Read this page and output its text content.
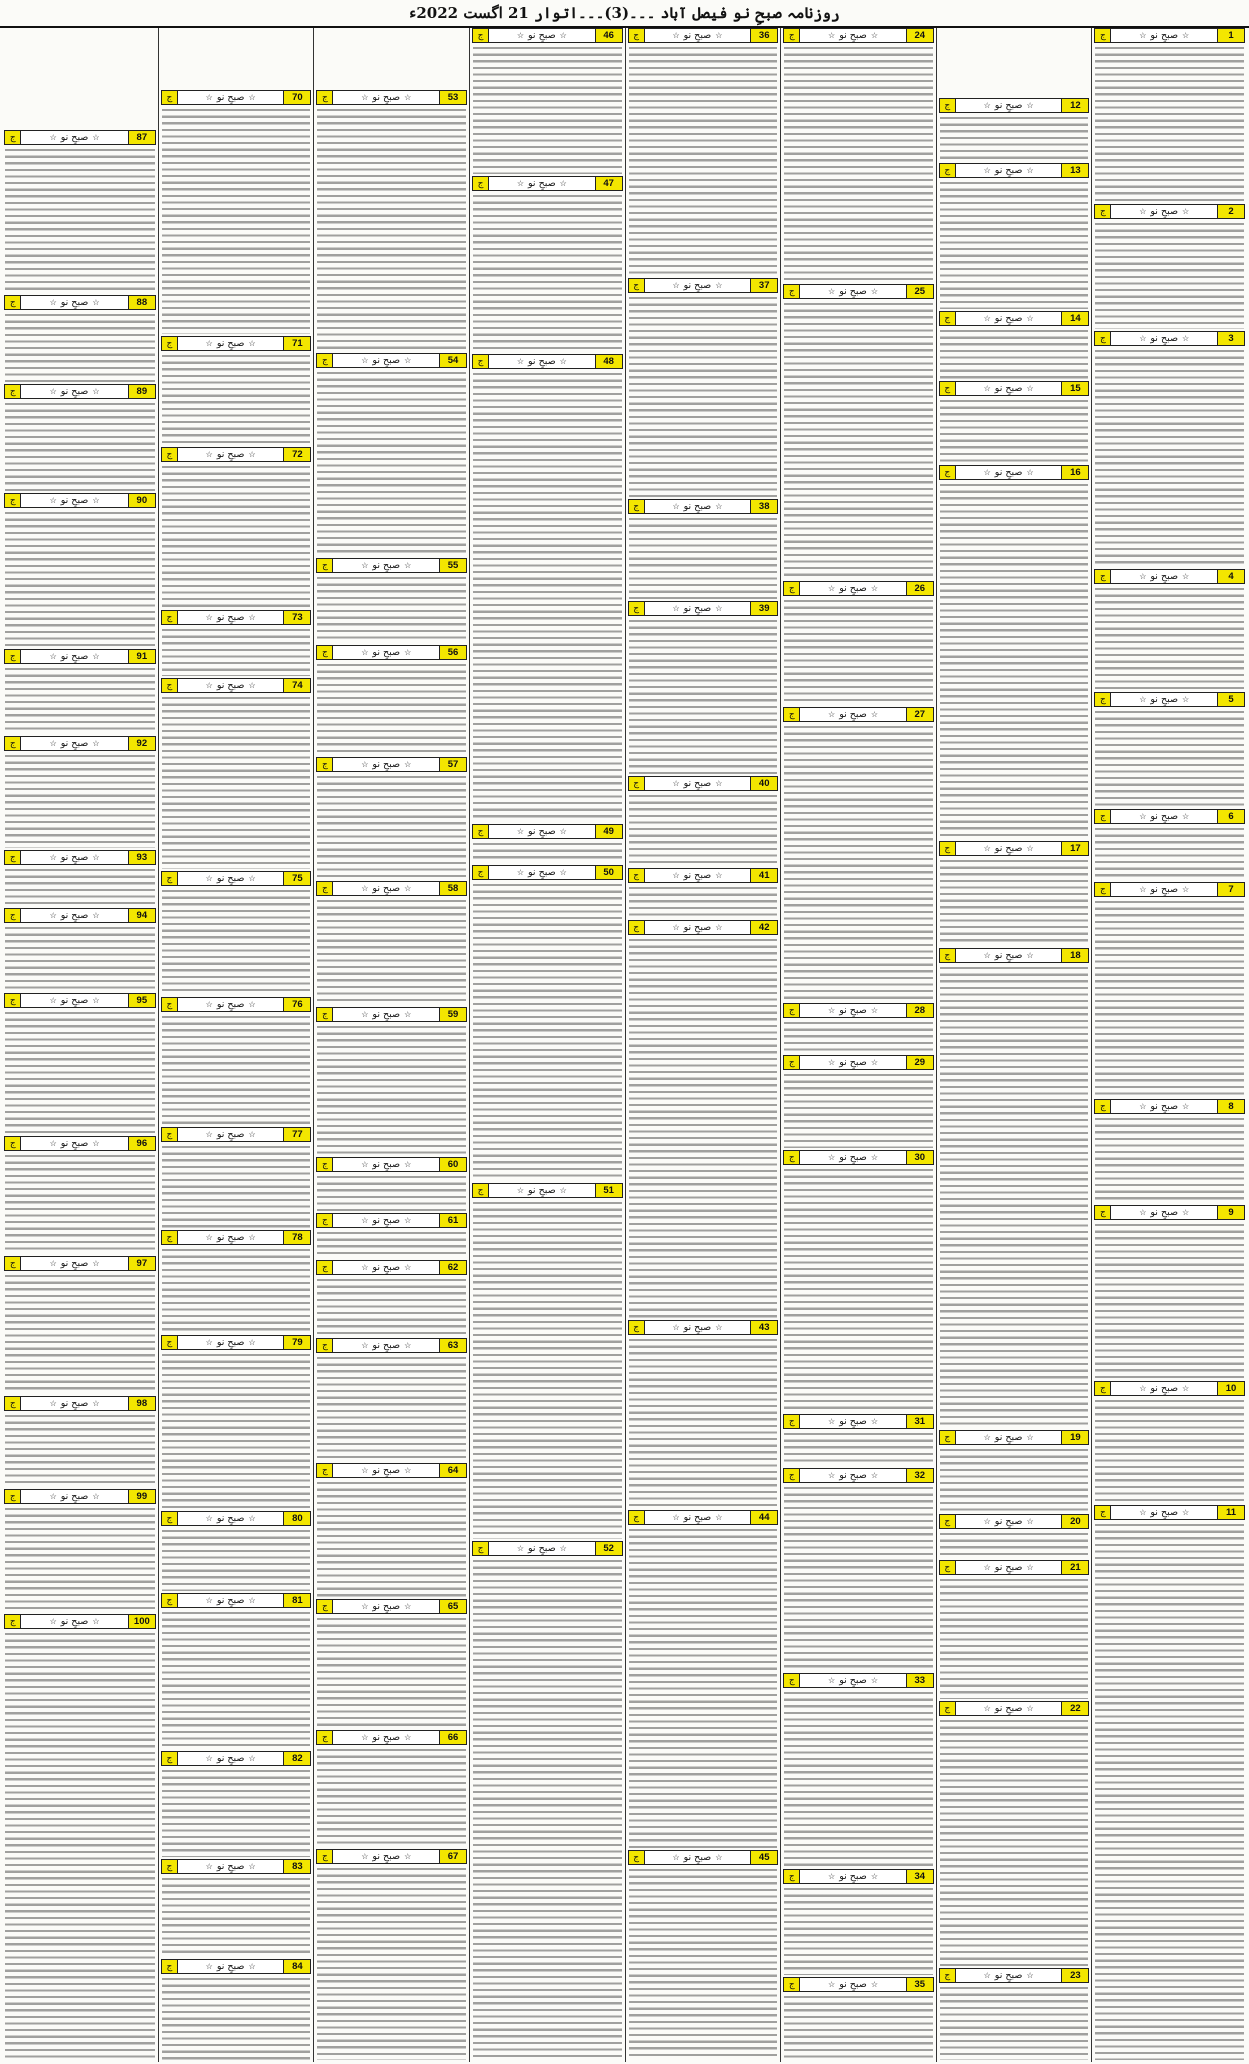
روزنامہ صبحِ نو فیصل آباد ۔۔۔(3)۔۔۔اتوار 21 اگست 2022ء
1
☆
صبحِ نو
☆
ج
2
☆
صبحِ نو
☆
ج
3
☆
صبحِ نو
☆
ج
4
☆
صبحِ نو
☆
ج
5
☆
صبحِ نو
☆
ج
6
☆
صبحِ نو
☆
ج
7
☆
صبحِ نو
☆
ج
8
☆
صبحِ نو
☆
ج
9
☆
صبحِ نو
☆
ج
10
☆
صبحِ نو
☆
ج
11
☆
صبحِ نو
☆
ج
12
☆
صبحِ نو
☆
ج
13
☆
صبحِ نو
☆
ج
14
☆
صبحِ نو
☆
ج
15
☆
صبحِ نو
☆
ج
16
☆
صبحِ نو
☆
ج
17
☆
صبحِ نو
☆
ج
18
☆
صبحِ نو
☆
ج
19
☆
صبحِ نو
☆
ج
20
☆
صبحِ نو
☆
ج
21
☆
صبحِ نو
☆
ج
22
☆
صبحِ نو
☆
ج
23
☆
صبحِ نو
☆
ج
24
☆
صبحِ نو
☆
ج
25
☆
صبحِ نو
☆
ج
26
☆
صبحِ نو
☆
ج
27
☆
صبحِ نو
☆
ج
28
☆
صبحِ نو
☆
ج
29
☆
صبحِ نو
☆
ج
30
☆
صبحِ نو
☆
ج
31
☆
صبحِ نو
☆
ج
32
☆
صبحِ نو
☆
ج
33
☆
صبحِ نو
☆
ج
34
☆
صبحِ نو
☆
ج
35
☆
صبحِ نو
☆
ج
36
☆
صبحِ نو
☆
ج
37
☆
صبحِ نو
☆
ج
38
☆
صبحِ نو
☆
ج
39
☆
صبحِ نو
☆
ج
40
☆
صبحِ نو
☆
ج
41
☆
صبحِ نو
☆
ج
42
☆
صبحِ نو
☆
ج
43
☆
صبحِ نو
☆
ج
44
☆
صبحِ نو
☆
ج
45
☆
صبحِ نو
☆
ج
46
☆
صبحِ نو
☆
ج
47
☆
صبحِ نو
☆
ج
48
☆
صبحِ نو
☆
ج
49
☆
صبحِ نو
☆
ج
50
☆
صبحِ نو
☆
ج
51
☆
صبحِ نو
☆
ج
52
☆
صبحِ نو
☆
ج
53
☆
صبحِ نو
☆
ج
54
☆
صبحِ نو
☆
ج
55
☆
صبحِ نو
☆
ج
56
☆
صبحِ نو
☆
ج
57
☆
صبحِ نو
☆
ج
58
☆
صبحِ نو
☆
ج
59
☆
صبحِ نو
☆
ج
60
☆
صبحِ نو
☆
ج
61
☆
صبحِ نو
☆
ج
62
☆
صبحِ نو
☆
ج
63
☆
صبحِ نو
☆
ج
64
☆
صبحِ نو
☆
ج
65
☆
صبحِ نو
☆
ج
66
☆
صبحِ نو
☆
ج
67
☆
صبحِ نو
☆
ج
70
☆
صبحِ نو
☆
ج
71
☆
صبحِ نو
☆
ج
72
☆
صبحِ نو
☆
ج
73
☆
صبحِ نو
☆
ج
74
☆
صبحِ نو
☆
ج
75
☆
صبحِ نو
☆
ج
76
☆
صبحِ نو
☆
ج
77
☆
صبحِ نو
☆
ج
78
☆
صبحِ نو
☆
ج
79
☆
صبحِ نو
☆
ج
80
☆
صبحِ نو
☆
ج
81
☆
صبحِ نو
☆
ج
82
☆
صبحِ نو
☆
ج
83
☆
صبحِ نو
☆
ج
84
☆
صبحِ نو
☆
ج
87
☆
صبحِ نو
☆
ج
88
☆
صبحِ نو
☆
ج
89
☆
صبحِ نو
☆
ج
90
☆
صبحِ نو
☆
ج
91
☆
صبحِ نو
☆
ج
92
☆
صبحِ نو
☆
ج
93
☆
صبحِ نو
☆
ج
94
☆
صبحِ نو
☆
ج
95
☆
صبحِ نو
☆
ج
96
☆
صبحِ نو
☆
ج
97
☆
صبحِ نو
☆
ج
98
☆
صبحِ نو
☆
ج
99
☆
صبحِ نو
☆
ج
100
☆
صبحِ نو
☆
ج
